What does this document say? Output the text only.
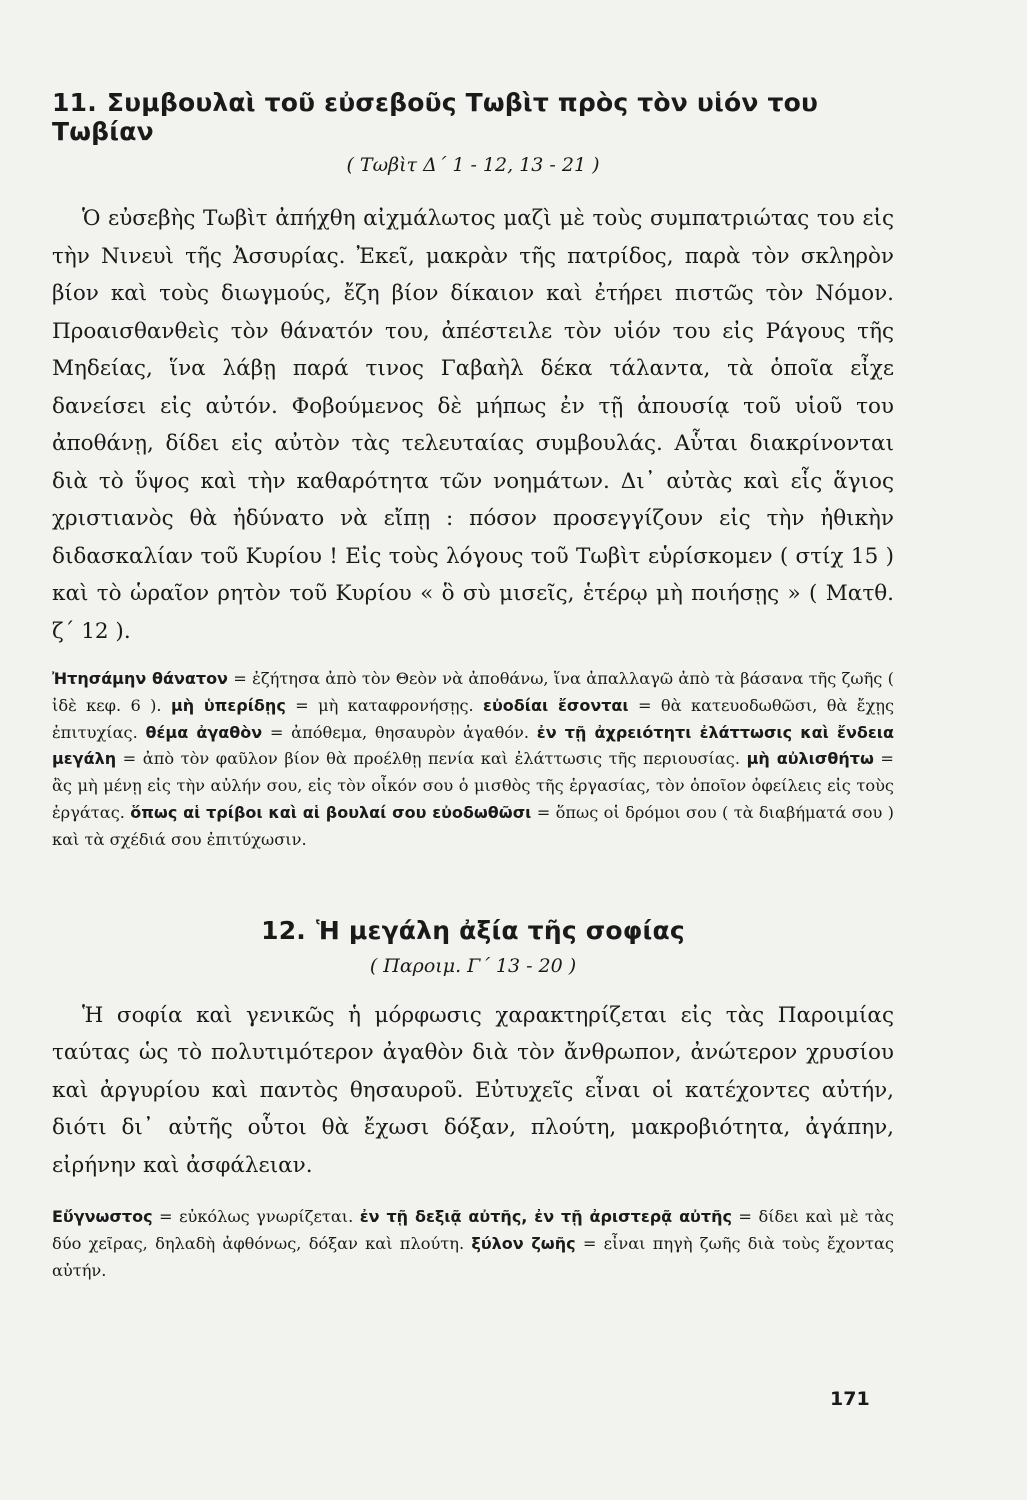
11. Συμβουλαὶ τοῦ εὐσεβοῦς Τωβὶτ πρὸς τὸν υἱόν του Τωβίαν

( Τωβὶτ Δ΄ 1 - 12, 13 - 21 )

Ὁ εὐσεβὴς Τωβὶτ ἀπήχθη αἰχμάλωτος μαζὶ μὲ τοὺς συμπατριώτας του εἰς τὴν Νινευὶ τῆς Ἀσσυρίας. Ἐκεῖ, μακρὰν τῆς πατρίδος, παρὰ τὸν σκληρὸν βίον καὶ τοὺς διωγμούς, ἔζη βίον δίκαιον καὶ ἐτήρει πιστῶς τὸν Νόμον. Προαισθανθεὶς τὸν θάνατόν του, ἀπέστειλε τὸν υἱόν του εἰς Ράγους τῆς Μηδείας, ἵνα λάβῃ παρά τινος Γαβαὴλ δέκα τάλαντα, τὰ ὁποῖα εἶχε δανείσει εἰς αὐτόν. Φοβούμενος δὲ μήπως ἐν τῇ ἀπουσίᾳ τοῦ υἱοῦ του ἀποθάνῃ, δίδει εἰς αὐτὸν τὰς τελευταίας συμβουλάς. Αὗται διακρίνονται διὰ τὸ ὕψος καὶ τὴν καθαρότητα τῶν νοημάτων. Δι᾽ αὐτὰς καὶ εἷς ἅγιος χριστιανὸς θὰ ἠδύνατο νὰ εἴπῃ : πόσον προσεγγίζουν εἰς τὴν ἠθικὴν διδασκαλίαν τοῦ Κυρίου ! Εἰς τοὺς λόγους τοῦ Τωβὶτ εὑρίσκομεν ( στίχ 15 ) καὶ τὸ ὡραῖον ρητὸν τοῦ Κυρίου « ὃ σὺ μισεῖς, ἑτέρῳ μὴ ποιήσῃς » ( Ματθ. ζ΄ 12 ).

Ἠτησάμην θάνατον = ἐζήτησα ἀπὸ τὸν Θεὸν νὰ ἀποθάνω, ἵνα ἀπαλλαγῶ ἀπὸ τὰ βάσανα τῆς ζωῆς ( ἰδὲ κεφ. 6 ). μὴ ὑπερίδῃς = μὴ καταφρονήσῃς. εὐοδίαι ἔσονται = θὰ κατευοδωθῶσι, θὰ ἔχῃς ἐπιτυχίας. θέμα ἀγαθὸν = ἀπόθεμα, θησαυρὸν ἀγαθόν. ἐν τῇ ἀχρειότητι ἐλάττωσις καὶ ἔνδεια μεγάλη = ἀπὸ τὸν φαῦλον βίον θὰ προέλθῃ πενία καὶ ἐλάττωσις τῆς περιουσίας. μὴ αὐλισθήτω = ἂς μὴ μένῃ εἰς τὴν αὐλήν σου, εἰς τὸν οἶκόν σου ὁ μισθὸς τῆς ἐργασίας, τὸν ὁποῖον ὀφείλεις εἰς τοὺς ἐργάτας. ὅπως αἱ τρίβοι καὶ αἱ βουλαί σου εὐοδωθῶσι = ὅπως οἱ δρόμοι σου ( τὰ διαβήματά σου ) καὶ τὰ σχέδιά σου ἐπιτύχωσιν.

12. Ἡ μεγάλη ἀξία τῆς σοφίας

( Παροιμ. Γ΄ 13 - 20 )

Ἡ σοφία καὶ γενικῶς ἡ μόρφωσις χαρακτηρίζεται εἰς τὰς Παροιμίας ταύτας ὡς τὸ πολυτιμότερον ἀγαθὸν διὰ τὸν ἄνθρωπον, ἀνώτερον χρυσίου καὶ ἀργυρίου καὶ παντὸς θησαυροῦ. Εὐτυχεῖς εἶναι οἱ κατέχοντες αὐτήν, διότι δι᾽ αὐτῆς οὗτοι θὰ ἔχωσι δόξαν, πλούτη, μακροβιότητα, ἀγάπην, εἰρήνην καὶ ἀσφάλειαν.

Εὔγνωστος = εὐκόλως γνωρίζεται. ἐν τῇ δεξιᾷ αὐτῆς, ἐν τῇ ἀριστερᾷ αὐτῆς = δίδει καὶ μὲ τὰς δύο χεῖρας, δηλαδὴ ἀφθόνως, δόξαν καὶ πλούτη. ξύλον ζωῆς = εἶναι πηγὴ ζωῆς διὰ τοὺς ἔχοντας αὐτήν.

171
